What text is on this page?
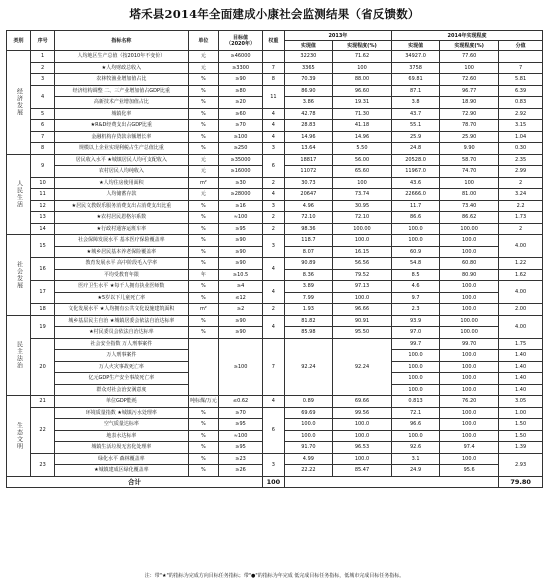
塔禾县2014年全面建成小康社会监测结果（省反馈数）
类别	序号	指标名称	单位	目标值
（2020年）	权重	2013年		2014年实现程度		
						实现值	实现程度(%)	实现值	实现程度(%)	分值
经济发展	1	人均地区生产总值（按2010年不变价）	元	≥46000		32230	71.62	34927.0	77.60	
	2	★人均财政总收入	元	≥3300	7	3365	100	3758	100	7
	3	农林牧渔业增加值占比	%	≥90	8	70.39	88.00	69.81	72.60	5.81
	4	经济结构调整 二、三产业增加值占GDP比重	%	≥80	11	86.90	96.60	87.1	96.77	6.39
		高新技术产业增加值占比	%	≥20		3.86	19.31	3.8	18.90	0.83
	5	城镇化率	%	≥60	4	42.78	71.30	43.7	72.90	2.92
	6	★R&D经费支出占GDP比重	%	≥70	4	28.83	41.18	55.1	78.70	3.15
	7	金融机构存贷款余额增长率	%	≥100	4	14.96	14.96	25.9	25.90	1.04
	8	规模以上企业实现利税占生产总值比重	%	≥250	3	13.64	5.50	24.8	9.90	0.30
人民生活	9	居民收入水平 ★城镇居民人均可支配收入	元	≥35000	6	18817	56.00	20528.0	58.70	2.35
		农村居民人均纯收入	元	≥16000		11072	65.60	11967.0	74.70	2.99
	10	★人均住房使用面积	m²	≥30	2	30.73	100	43.6	100	2
	11	人均储蓄存款	元	≥28000	4	20647	73.74	22666.0	81.00	3.24
	12	★居民文教娱乐服务消费支出占消费支出比重	%	≥16	3	4.96	30.95	11.7	73.40	2.2
	13	★农村居民恩格尔系数	%	≈100	2	72.10	72.10	86.6	86.62	1.73
	14	★行政村通客运班车率	%	≥95	2	98.36	100.00	100.0	100.00	2
社会发展	15	社会保障发展水平 基本医疗保险覆盖率	%	≥90	3	118.7	100.0	100.0	100.0	4.00
		★城乡居民基本养老保险覆盖率	%	≥90		8.07	16.15	60.9	100.0	
	16	教育发展水平 高中阶段毛入学率	%	≥90	4	90.89	56.56	54.8	60.80	1.22
		平均受教育年限	年	≥10.5		8.36	79.52	8.5	80.90	1.62
	17	医疗卫生水平 ★每千人拥有执业医师数	%	≥4	4	3.89	97.13	4.6	100.0	4.00
		★5岁以下儿童死亡率	%	≤12		7.99	100.0	9.7	100.0	
	18	文化发展水平 ★人均拥有公共文化设施建筑面积	m²	≥2	2	1.93	96.66	2.3	100.0	2.00

民主法治	19	城乡基层民主自治 ★城镇居委会依法自治达标率	%	≥90	4	81.82	90.91	93.9	100.00	4.00
		★村民委员会依法自治达标率	%	≥90		85.98	95.50	97.0	100.00	
	20	社会安全指数 万人刑事案件		≥100	7	92.24	92.24	99.7	99.70	1.75
		万人刑事案件						100.0	100.0	1.40
		万人火灾事故死亡率						100.0	100.0	1.40
		亿元GDP生产安全事故死亡率						100.0	100.0	1.40
		群众对社会治安满意度						100.0	100.0	1.40
生态文明	21	单位GDP能耗	吨标煤/万元	≤0.62	4	0.89	69.66	0.813	76.20	3.05
	22	环境质量指数 ★城镇污水处理率	%	≥70	6	69.69	99.56	72.1	100.0	1.00
		空气质量达标率	%	≥95		100.0	100.0	96.6	100.0	1.50
		地表水达标率	%	≈100		100.0	100.0	100.0	100.0	1.50
		城镇生活垃圾无害化处理率	%	≥95		91.70	96.53	92.6	97.4	1.39
	23	绿化水平 森林覆盖率	%	≥23	3	4.99	100.0	3.1	100.0	2.93
		★城镇建成区绿化覆盖率	%	≥26		22.22	85.47	24.9	95.6	
合计					100					79.80
注：带"★"的指标为完成方向目标任务指标；带"●"的指标为年完成 低完成目标任务指标，低城市完成目标任务指标。
